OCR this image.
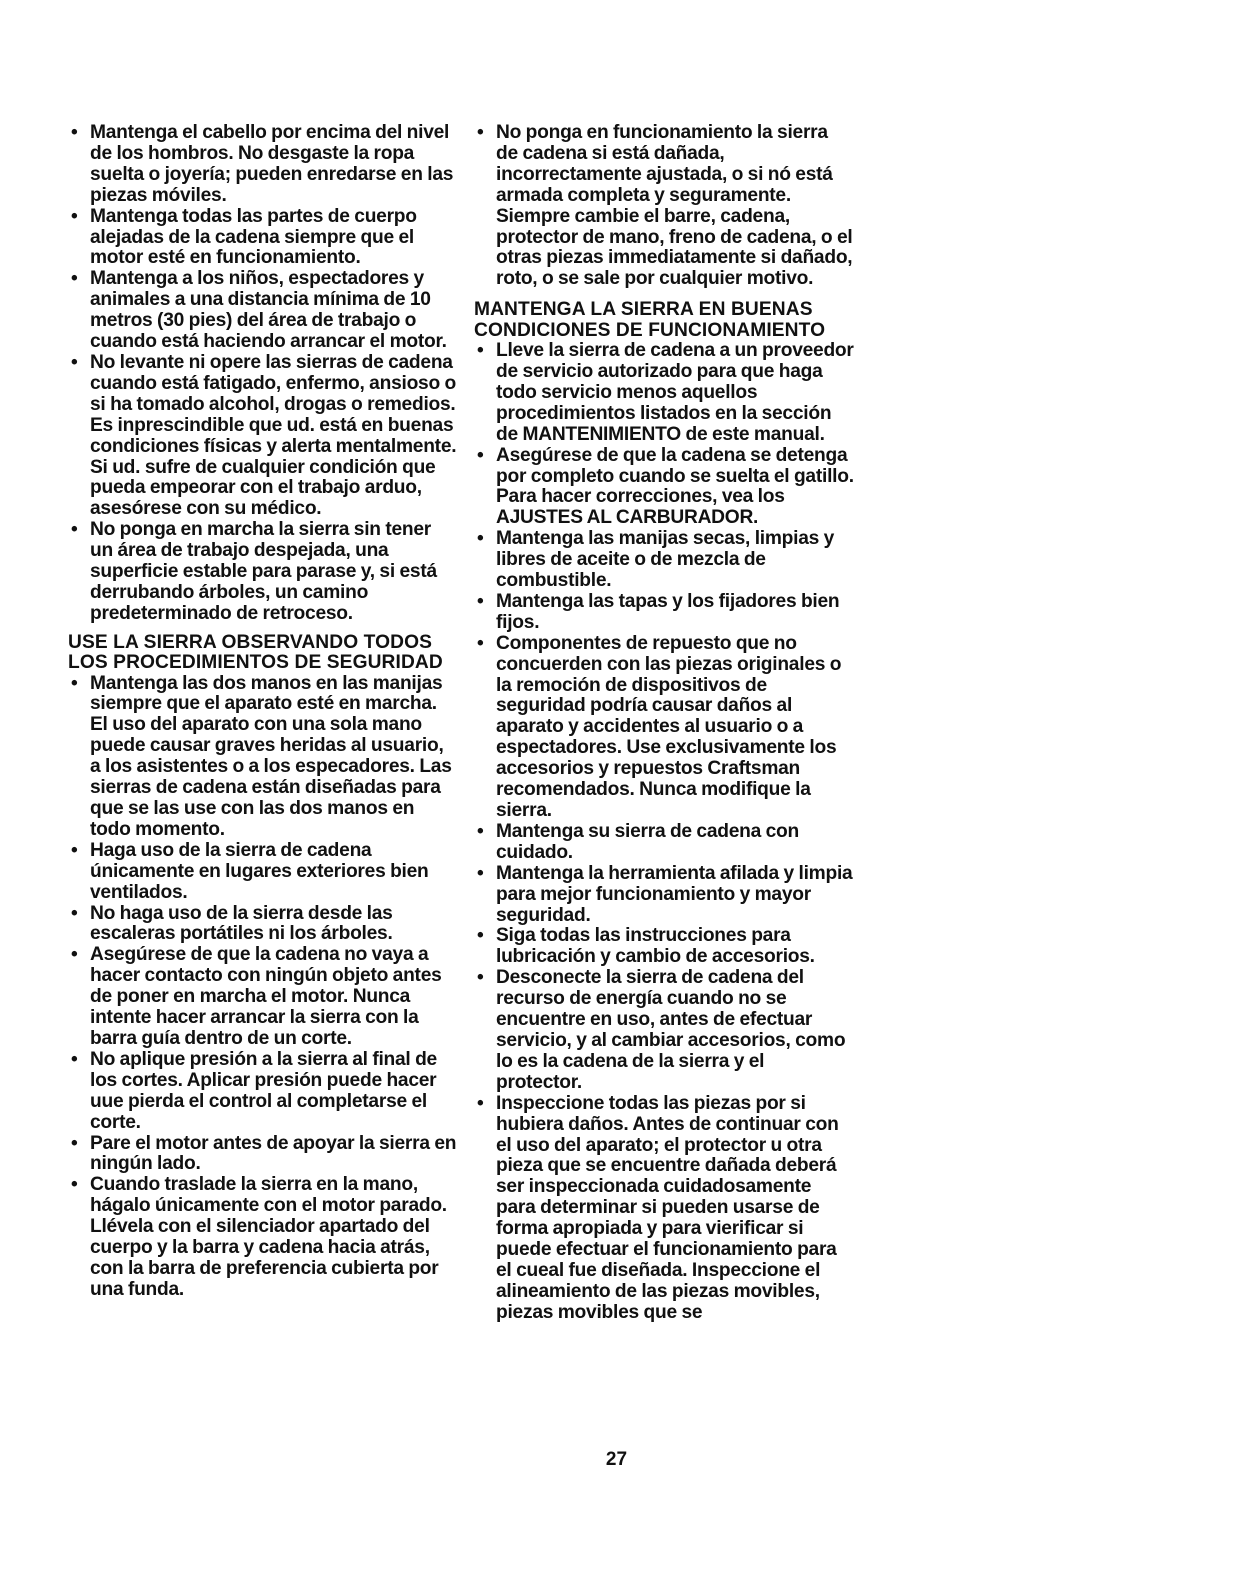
• Mantenga el cabello por encima del nivel de los hombros. No desgaste la ropa suelta o joyería; pueden enredarse en las piezas móviles.
• Mantenga todas las partes de cuerpo alejadas de la cadena siempre que el motor esté en funcionamiento.
• Mantenga a los niños, espectadores y animales a una distancia mínima de 10 metros (30 pies) del área de trabajo o cuando está haciendo arrancar el motor.
• No levante ni opere las sierras de cadena cuando está fatigado, enfermo, ansioso o si ha tomado alcohol, drogas o remedios. Es inprescindible que ud. está en buenas condiciones físicas y alerta mentalmente. Si ud. sufre de cualquier condición que pueda empeorar con el trabajo arduo, asesórese con su médico.
• No ponga en marcha la sierra sin tener un área de trabajo despejada, una superficie estable para parase y, si está derrubando árboles, un camino predeterminado de retroceso.
USE LA SIERRA OBSERVANDO TODOS LOS PROCEDIMIENTOS DE SEGURIDAD
• Mantenga las dos manos en las manijas siempre que el aparato esté en marcha. El uso del aparato con una sola mano puede causar graves heridas al usuario, a los asistentes o a los especadores. Las sierras de cadena están diseñadas para que se las use con las dos manos en todo momento.
• Haga uso de la sierra de cadena únicamente en lugares exteriores bien ventilados.
• No haga uso de la sierra desde las escaleras portátiles ni los árboles.
• Asegúrese de que la cadena no vaya a hacer contacto con ningún objeto antes de poner en marcha el motor. Nunca intente hacer arrancar la sierra con la barra guía dentro de un corte.
• No aplique presión a la sierra al final de los cortes. Aplicar presión puede hacer uue pierda el control al completarse el corte.
• Pare el motor antes de apoyar la sierra en ningún lado.
• Cuando traslade la sierra en la mano, hágalo únicamente con el motor parado. Llévela con el silenciador apartado del cuerpo y la barra y cadena hacia atrás, con la barra de preferencia cubierta por una funda.
• No ponga en funcionamiento la sierra de cadena si está dañada, incorrectamente ajustada, o si nó está armada completa y seguramente. Siempre cambie el barre, cadena, protector de mano, freno de cadena, o el otras piezas immediatamente si dañado, roto, o se sale por cualquier motivo.
MANTENGA LA SIERRA EN BUENAS CONDICIONES DE FUNCIONAMIENTO
• Lleve la sierra de cadena a un proveedor de servicio autorizado para que haga todo servicio menos aquellos procedimientos listados en la sección de MANTENIMIENTO de este manual.
• Asegúrese de que la cadena se detenga por completo cuando se suelta el gatillo. Para hacer correcciones, vea los AJUSTES AL CARBURADOR.
• Mantenga las manijas secas, limpias y libres de aceite o de mezcla de combustible.
• Mantenga las tapas y los fijadores bien fijos.
• Componentes de repuesto que no concuerden con las piezas originales o la remoción de dispositivos de seguridad podría causar daños al aparato y accidentes al usuario o a espectadores. Use exclusivamente los accesorios y repuestos Craftsman recomendados. Nunca modifique la sierra.
• Mantenga su sierra de cadena con cuidado.
• Mantenga la herramienta afilada y limpia para mejor funcionamiento y mayor seguridad.
• Siga todas las instrucciones para lubricación y cambio de accesorios.
• Desconecte la sierra de cadena del recurso de energía cuando no se encuentre en uso, antes de efectuar servicio, y al cambiar accesorios, como lo es la cadena de la sierra y el protector.
• Inspeccione todas las piezas por si hubiera daños. Antes de continuar con el uso del aparato; el protector u otra pieza que se encuentre dañada deberá ser inspeccionada cuidadosamente para determinar si pueden usarse de forma apropiada y para vierificar si puede efectuar el funcionamiento para el cueal fue diseñada. Inspeccione el alineamiento de las piezas movibles, piezas movibles que se
27
